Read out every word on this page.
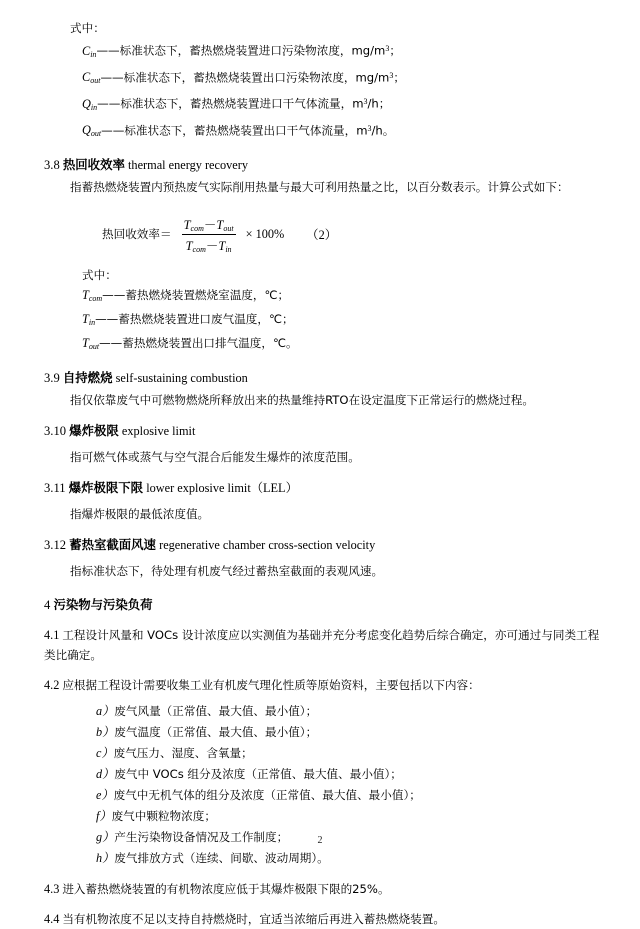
式中：
$C_{in}——$标准状态下，蓄热燃烧装置进口污染物浓度，$mg/m^3$；
$C_{out}——$标准状态下，蓄热燃烧装置出口污染物浓度，$mg/m^3$；
$Q_{in}——$标准状态下，蓄热燃烧装置进口干气体流量，$m^3/h$；
$Q_{out}——$标准状态下，蓄热燃烧装置出口干气体流量，$m^3/h$。
3.8 热回收效率 thermal energy recovery
指蓄热燃烧装置内预热废气实际削用热量与最大可利用热量之比，以百分数表示。计算公式如下：
热回收效率＝ $\frac{T_{com}-T_{out}}{T_{com}-T_{in}} \times 100\%$ （2）
式中：
$T_{com}——$蓄热燃烧装置燃烧室温度，℃；
$T_{in}——$蓄热燃烧装置进口废气温度，℃；
$T_{out}——$蓄热燃烧装置出口排气温度，℃。
3.9 自持燃烧 self-sustaining combustion
指仅依靠废气中可燃物燃烧所释放出来的热量维持RTO在设定温度下正常运行的燃烧过程。
3.10 爆炸极限 explosive limit
指可燃气体或蒸气与空气混合后能发生爆炸的浓度范围。
3.11 爆炸极限下限 lower explosive limit（LEL）
指爆炸极限的最低浓度值。
3.12 蓄热室截面风速 regenerative chamber cross-section velocity
指标准状态下，待处理有机废气经过蓄热室截面的表观风速。
4 污染物与污染负荷
4.1 工程设计风量和 VOCs 设计浓度应以实测值为基础并充分考虑变化趋势后综合确定，亦可通过与同类工程类比确定。
4.2 应根据工程设计需要收集工业有机废气理化性质等原始资料，主要包括以下内容：
a）废气风量（正常值、最大值、最小值）；
b）废气温度（正常值、最大值、最小值）；
c）废气压力、湿度、含氧量；
d）废气中 VOCs 组分及浓度（正常值、最大值、最小值）；
e）废气中无机气体的组分及浓度（正常值、最大值、最小值）；
f）废气中颗粒物浓度；
g）产生污染物设备情况及工作制度；
h）废气排放方式（连续、间歇、波动周期）。
4.3 进入蓄热燃烧装置的有机物浓度应低于其爆炸极限下限的25%。
4.4 当有机物浓度不足以支持自持燃烧时，宜适当浓缩后再进入蓄热燃烧装置。
2
